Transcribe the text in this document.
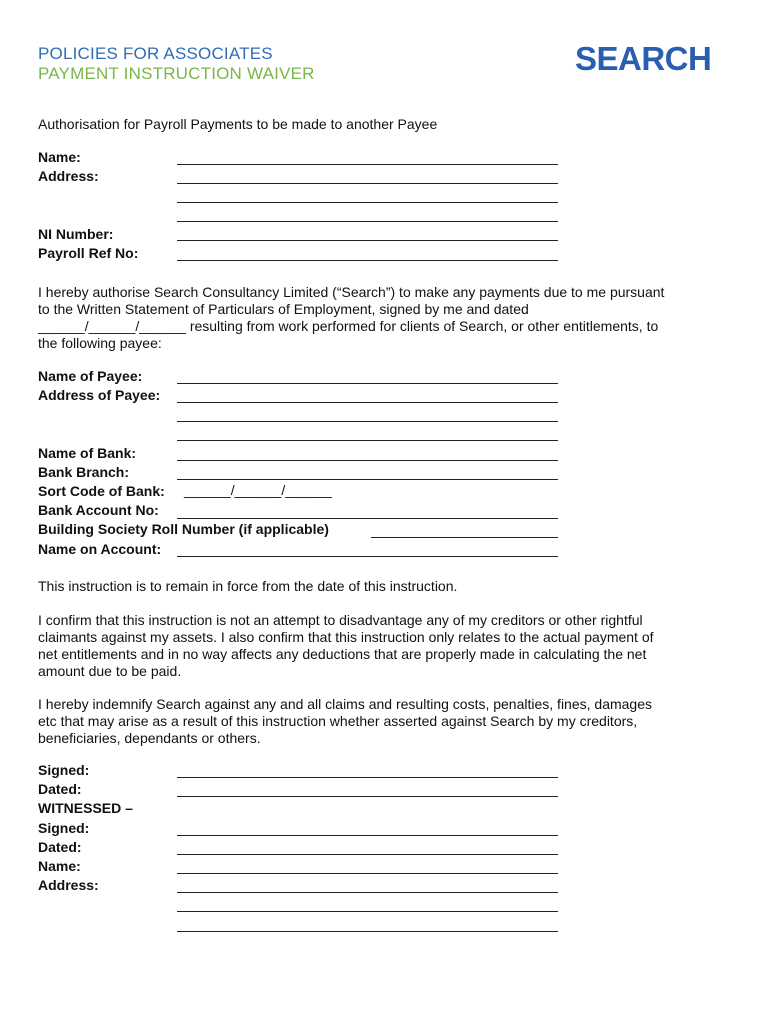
POLICIES FOR ASSOCIATES
PAYMENT INSTRUCTION WAIVER	SEARCH
Authorisation for Payroll Payments to be made to another Payee
Name:
Address:
NI Number:
Payroll Ref No:
I hereby authorise Search Consultancy Limited (“Search”) to make any payments due to me pursuant
to the Written Statement of Particulars of Employment, signed by me and dated
______/______/______ resulting from work performed for clients of Search, or other entitlements, to
the following payee:
Name of Payee:
Address of Payee:
Name of Bank:
Bank Branch:
Sort Code of Bank: ______/______/______
Bank Account No:
Building Society Roll Number (if applicable)
Name on Account:
This instruction is to remain in force from the date of this instruction.
I confirm that this instruction is not an attempt to disadvantage any of my creditors or other rightful
claimants against my assets. I also confirm that this instruction only relates to the actual payment of
net entitlements and in no way affects any deductions that are properly made in calculating the net
amount due to be paid.
I hereby indemnify Search against any and all claims and resulting costs, penalties, fines, damages
etc that may arise as a result of this instruction whether asserted against Search by my creditors,
beneficiaries, dependants or others.
Signed:
Dated:
WITNESSED –
Signed:
Dated:
Name:
Address:
